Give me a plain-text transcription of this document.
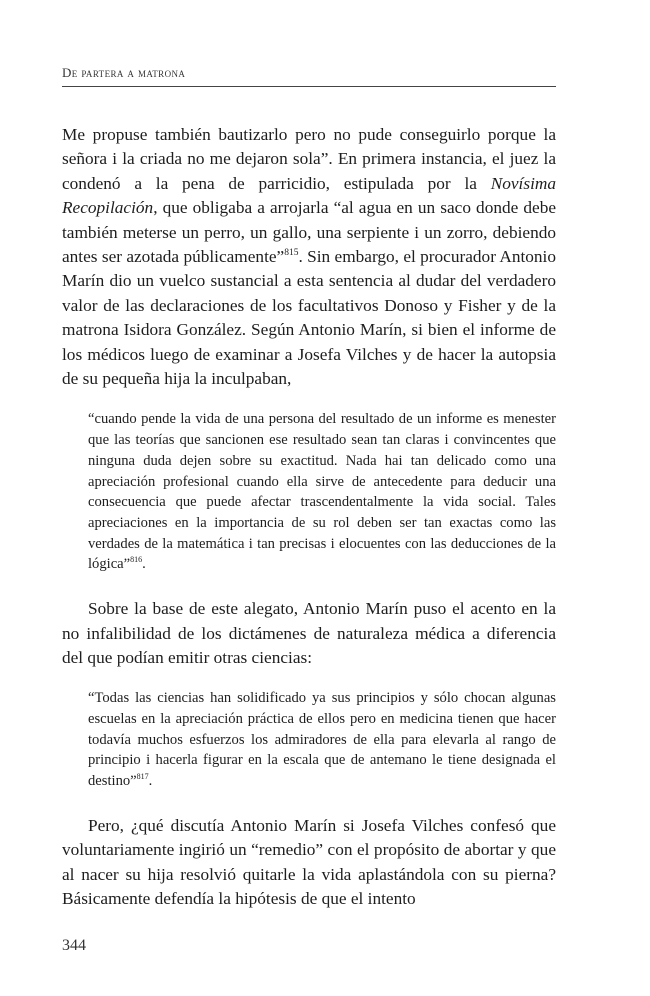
De partera a matrona

Me propuse también bautizarlo pero no pude conseguirlo porque la señora i la criada no me dejaron sola”. En primera instancia, el juez la condenó a la pena de parricidio, estipulada por la Novísima Recopilación, que obligaba a arrojarla “al agua en un saco donde debe también meterse un perro, un gallo, una serpiente i un zorro, debiendo antes ser azotada públicamente”$^{815}$. Sin embargo, el procurador Antonio Marín dio un vuelco sustancial a esta sentencia al dudar del verdadero valor de las declaraciones de los facultativos Donoso y Fisher y de la matrona Isidora González. Según Antonio Marín, si bien el informe de los médicos luego de examinar a Josefa Vilches y de hacer la autopsia de su pequeña hija la inculpaban,

“cuando pende la vida de una persona del resultado de un informe es menester que las teorías que sancionen ese resultado sean tan claras i convincentes que ninguna duda dejen sobre su exactitud. Nada hai tan delicado como una apreciación profesional cuando ella sirve de antecedente para deducir una consecuencia que puede afectar trascendentalmente la vida social. Tales apreciaciones en la importancia de su rol deben ser tan exactas como las verdades de la matemática i tan precisas i elocuentes con las deducciones de la lógica”$^{816}$.

Sobre la base de este alegato, Antonio Marín puso el acento en la no infalibilidad de los dictámenes de naturaleza médica a diferencia del que podían emitir otras ciencias:

“Todas las ciencias han solidificado ya sus principios y sólo chocan algunas escuelas en la apreciación práctica de ellos pero en medicina tienen que hacer todavía muchos esfuerzos los admiradores de ella para elevarla al rango de principio i hacerla figurar en la escala que de antemano le tiene designada el destino”$^{817}$.

Pero, ¿qué discutía Antonio Marín si Josefa Vilches confesó que voluntariamente ingirió un “remedio” con el propósito de abortar y que al nacer su hija resolvió quitarle la vida aplastándola con su pierna? Básicamente defendía la hipótesis de que el intento

344
